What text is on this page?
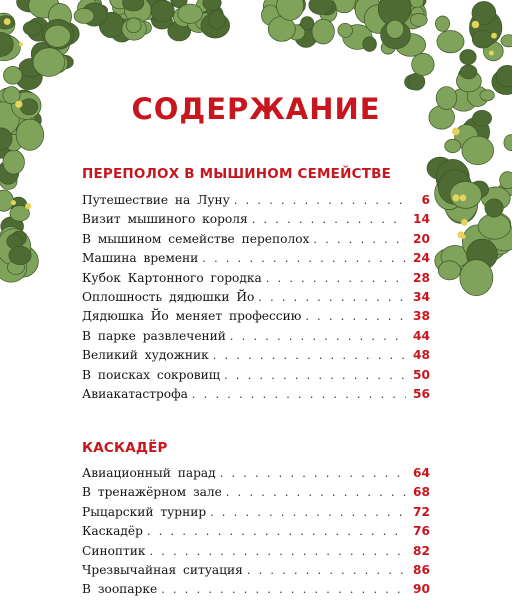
СОДЕРЖАНИЕ
ПЕРЕПОЛОХ В МЫШИНОМ СЕМЕЙСТВЕ
Путешествие на Луну . . .	6
Визит мышиного короля . . .	14
В мышином семействе переполох . . .	20
Машина времени . . .	24
Кубок Картонного городка . . .	28
Оплошность дядюшки Йо . . .	34
Дядюшка Йо меняет профессию . . .	38
В парке развлечений . . .	44
Великий художник . . .	48
В поисках сокровищ . . .	50
Авиакатастрофа . . .	56
КАСКАДЁР
Авиационный парад . . .	64
В тренажёрном зале . . .	68
Рыцарский турнир . . .	72
Каскадёр . . .	76
Синоптик . . .	82
Чрезвычайная ситуация . . .	86
В зоопарке . . .	90
